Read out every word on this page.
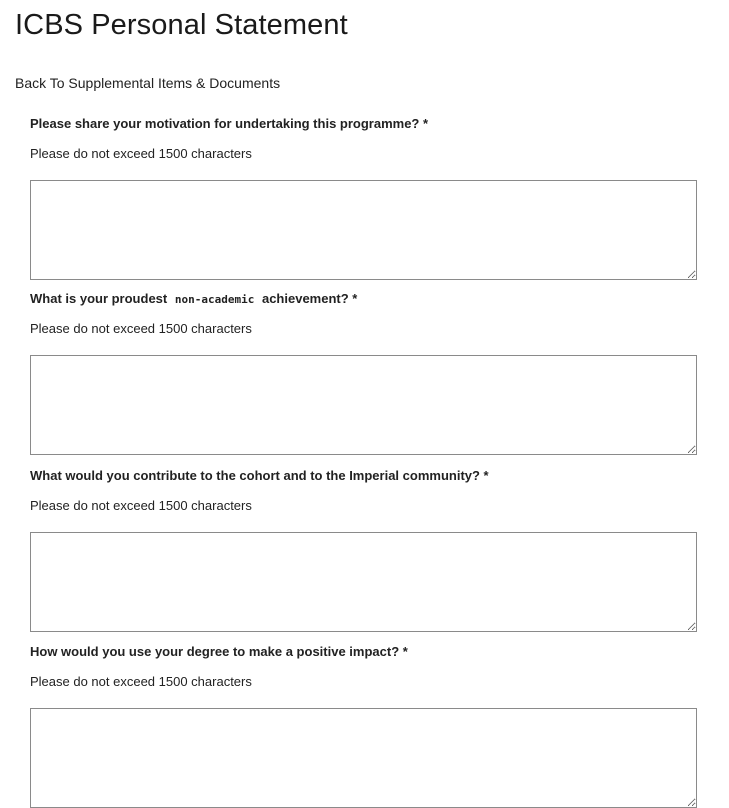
ICBS Personal Statement
Back To Supplemental Items & Documents
Please share your motivation for undertaking this programme? *
Please do not exceed 1500 characters
What is your proudest non-academic achievement? *
Please do not exceed 1500 characters
What would you contribute to the cohort and to the Imperial community? *
Please do not exceed 1500 characters
How would you use your degree to make a positive impact? *
Please do not exceed 1500 characters
